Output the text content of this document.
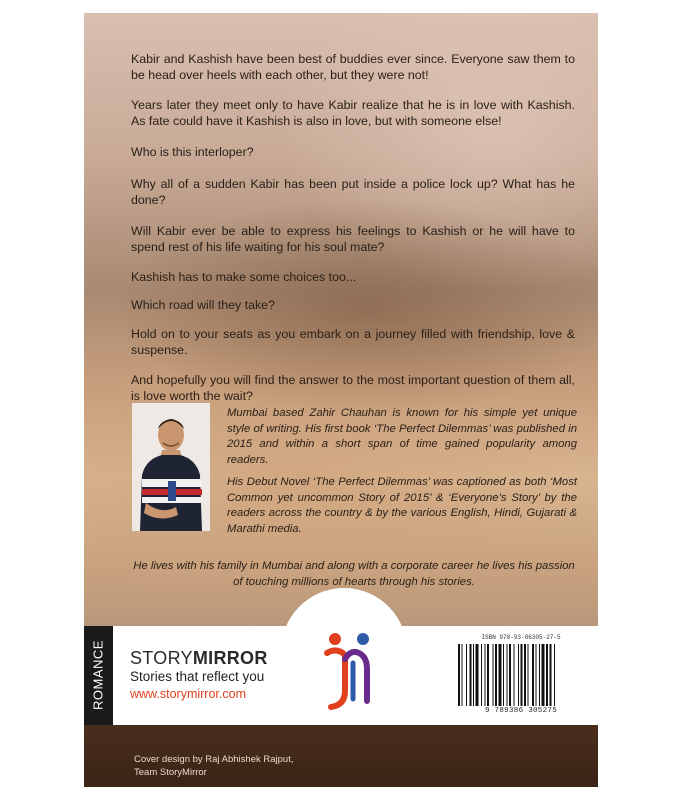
Kabir and Kashish have been best of buddies ever since. Everyone saw them to be head over heels with each other, but they were not!

Years later they meet only to have Kabir realize that he is in love with Kashish. As fate could have it Kashish is also in love, but with someone else!

Who is this interloper?

Why all of a sudden Kabir has been put inside a police lock up? What has he done?

Will Kabir ever be able to express his feelings to Kashish or he will have to spend rest of his life waiting for his soul mate?

Kashish has to make some choices too...

Which road will they take?

Hold on to your seats as you embark on a journey filled with friendship, love & suspense.

And hopefully you will find the answer to the most important question of them all, is love worth the wait?

Mumbai based Zahir Chauhan is known for his simple yet unique style of writing. His first book ‘The Perfect Dilemmas’ was published in 2015 and within a short span of time gained popularity among readers.

His Debut Novel ‘The Perfect Dilemmas’ was captioned as both ‘Most Common yet uncommon Story of 2015’ & ‘Everyone’s Story’ by the readers across the country & by the various English, Hindi, Gujarati & Marathi media.

He lives with his family in Mumbai and along with a corporate career he lives his passion of touching millions of hearts through his stories.

ROMANCE STORYMIRROR
Stories that reflect you
www.storymirror.com
ISBN 978-93-86305-27-5
9 789386 305275
Cover design by Raj Abhishek Rajput,
Team StoryMirror
